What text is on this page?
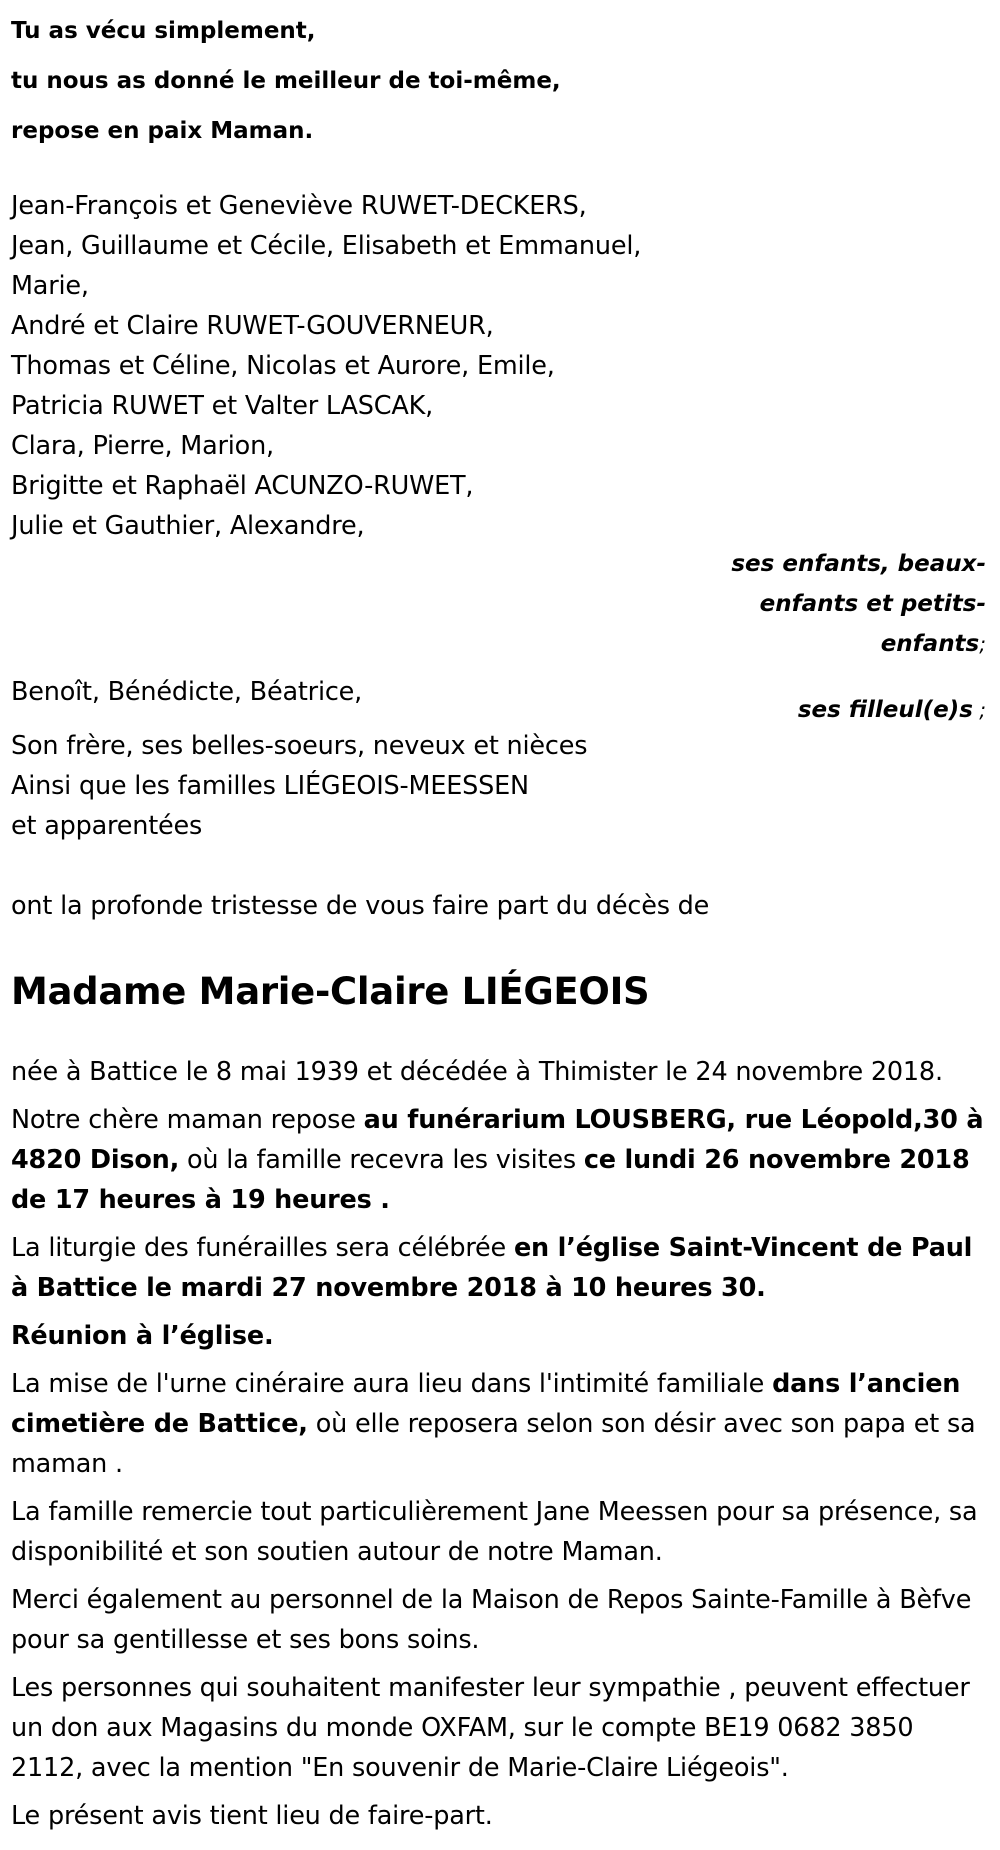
Tu as vécu simplement,

tu nous as donné le meilleur de toi-même,

repose en paix Maman.

Jean-François et Geneviève RUWET-DECKERS,

Jean, Guillaume et Cécile, Elisabeth et Emmanuel,

Marie,

André et Claire RUWET-GOUVERNEUR,

Thomas et Céline, Nicolas et Aurore, Emile,

Patricia RUWET et Valter LASCAK,

Clara, Pierre, Marion,

Brigitte et Raphaël ACUNZO-RUWET,

Julie et Gauthier, Alexandre,

ses enfants, beaux-
enfants et petits-
enfants;

Benoît, Bénédicte, Béatrice,

ses filleul(e)s ;

Son frère, ses belles-soeurs, neveux et nièces

Ainsi que les familles LIÉGEOIS-MEESSEN

et apparentées

ont la profonde tristesse de vous faire part du décès de

Madame Marie-Claire LIÉGEOIS

née à Battice le 8 mai 1939 et décédée à Thimister le 24 novembre 2018.

Notre chère maman repose au funérarium LOUSBERG, rue Léopold,30 à 4820 Dison, où la famille recevra les visites ce lundi 26 novembre 2018 de 17 heures à 19 heures .

La liturgie des funérailles sera célébrée en l’église Saint-Vincent de Paul à Battice le mardi 27 novembre 2018 à 10 heures 30.

Réunion à l’église.

La mise de l'urne cinéraire aura lieu dans l'intimité familiale dans l’ancien cimetière de Battice, où elle reposera selon son désir avec son papa et sa maman .

La famille remercie tout particulièrement Jane Meessen pour sa présence, sa disponibilité et son soutien autour de notre Maman.

Merci également au personnel de la Maison de Repos Sainte-Famille à Bèfve pour sa gentillesse et ses bons soins.

Les personnes qui souhaitent manifester leur sympathie , peuvent effectuer un don aux Magasins du monde OXFAM, sur le compte BE19 0682 3850 2112, avec la mention "En souvenir de Marie-Claire Liégeois".

Le présent avis tient lieu de faire-part.
